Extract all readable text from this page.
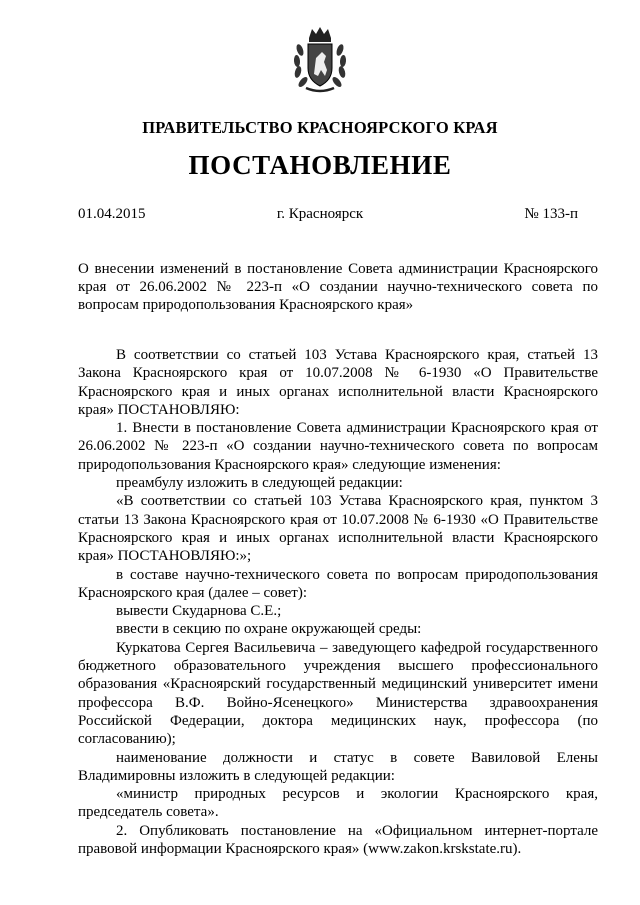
ПРАВИТЕЛЬСТВО КРАСНОЯРСКОГО КРАЯ
ПОСТАНОВЛЕНИЕ
01.04.2015	г. Красноярск	№ 133-п
О внесении изменений в постановление Совета администрации Красноярского края от 26.06.2002 № 223-п «О создании научно-технического совета по вопросам природопользования Красноярского края»

В соответствии со статьей 103 Устава Красноярского края, статьей 13 Закона Красноярского края от 10.07.2008 № 6-1930 «О Правительстве Красноярского края и иных органах исполнительной власти Красноярского края» ПОСТАНОВЛЯЮ:

1. Внести в постановление Совета администрации Красноярского края от 26.06.2002 № 223-п «О создании научно-технического совета по вопросам природопользования Красноярского края» следующие изменения:

преамбулу изложить в следующей редакции:

«В соответствии со статьей 103 Устава Красноярского края, пунктом 3 статьи 13 Закона Красноярского края от 10.07.2008 № 6-1930 «О Правительстве Красноярского края и иных органах исполнительной власти Красноярского края» ПОСТАНОВЛЯЮ:»;

в составе научно-технического совета по вопросам природопользования Красноярского края (далее – совет):

вывести Скударнова С.Е.;

ввести в секцию по охране окружающей среды:

Куркатова Сергея Васильевича – заведующего кафедрой государственного бюджетного образовательного учреждения высшего профессионального образования «Красноярский государственный медицинский университет имени профессора В.Ф. Войно-Ясенецкого» Министерства здравоохранения Российской Федерации, доктора медицинских наук, профессора (по согласованию);

наименование должности и статус в совете Вавиловой Елены Владимировны изложить в следующей редакции:

«министр природных ресурсов и экологии Красноярского края, председатель совета».

2. Опубликовать постановление на «Официальном интернет-портале правовой информации Красноярского края» (www.zakon.krskstate.ru).
